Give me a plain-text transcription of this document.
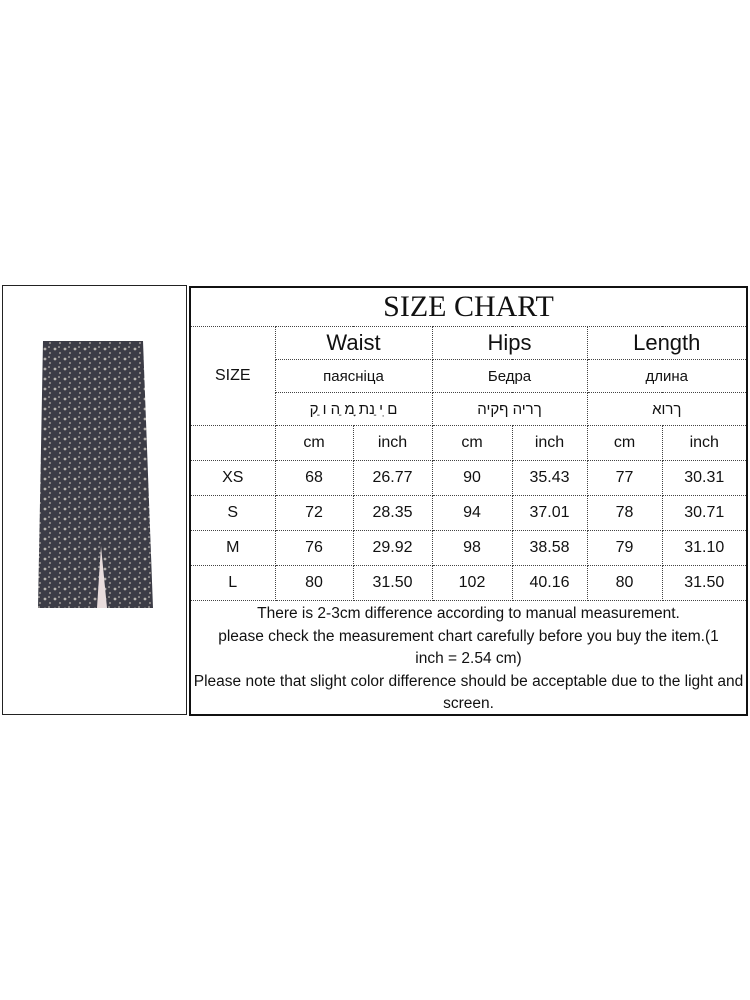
SIZE CHART						
SIZE	Waist		Hips		Length	
	паясніца		Бедра		длина	
	ם ִי ַנת ָמ ַה ו ַק		ךריה ףקיה		ךרוא	
	cm	inch	cm	inch	cm	inch
XS	68	26.77	90	35.43	77	30.31
S	72	28.35	94	37.01	78	30.71
M	76	29.92	98	38.58	79	31.10
L	80	31.50	102	40.16	80	31.50

There is 2-3cm difference according to manual measurement.
please check the measurement chart carefully before you buy the item.(1 inch = 2.54 cm)
Please note that slight color difference should be acceptable due to the light and screen.						
